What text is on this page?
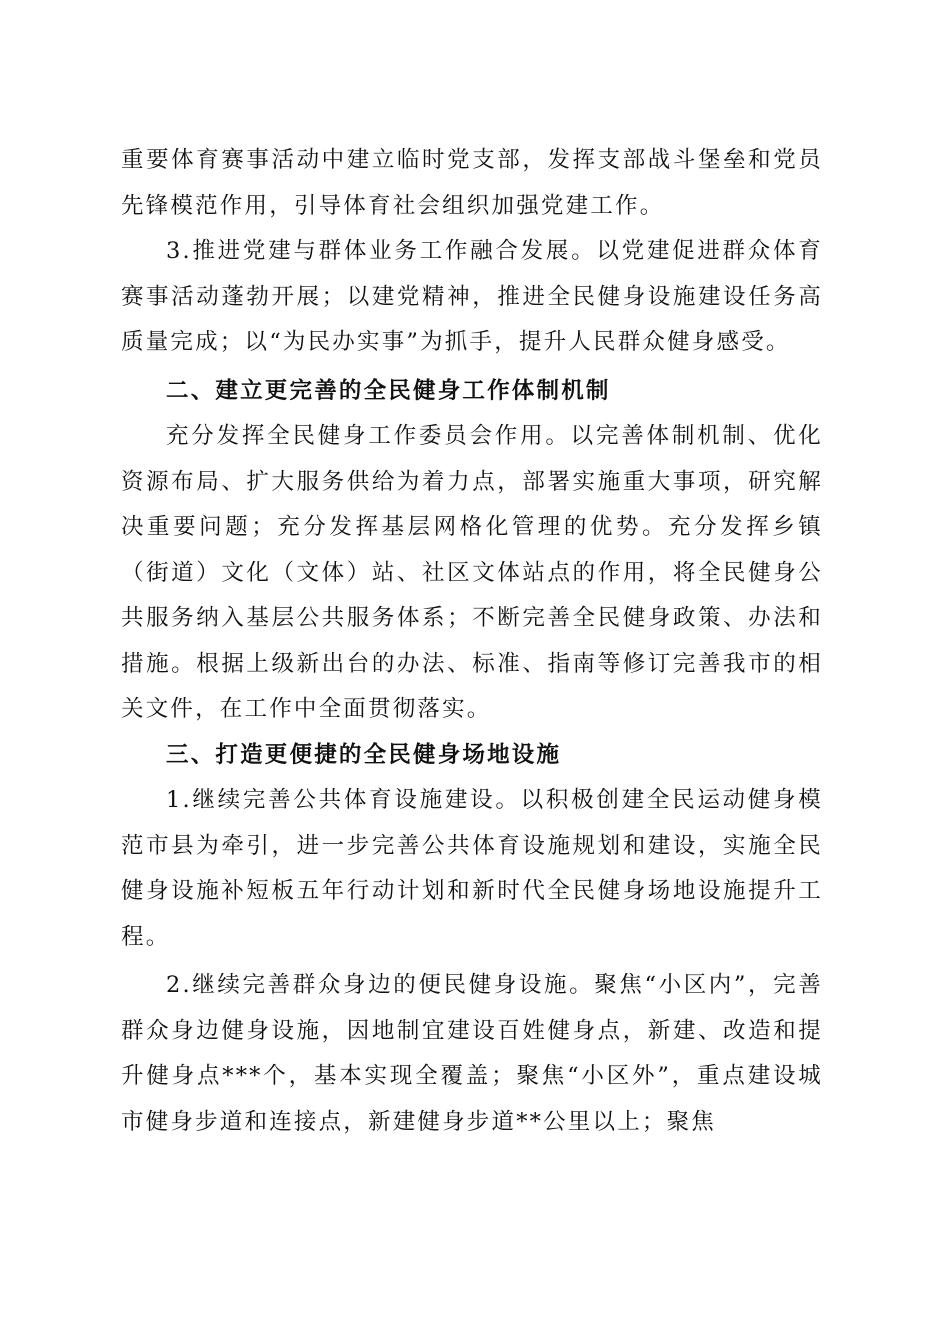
重要体育赛事活动中建立临时党支部，发挥支部战斗堡垒和党员先锋模范作用，引导体育社会组织加强党建工作。

3.推进党建与群体业务工作融合发展。以党建促进群众体育赛事活动蓬勃开展；以建党精神，推进全民健身设施建设任务高质量完成；以“为民办实事”为抓手，提升人民群众健身感受。

二、建立更完善的全民健身工作体制机制

充分发挥全民健身工作委员会作用。以完善体制机制、优化资源布局、扩大服务供给为着力点，部署实施重大事项，研究解决重要问题；充分发挥基层网格化管理的优势。充分发挥乡镇（街道）文化（文体）站、社区文体站点的作用，将全民健身公共服务纳入基层公共服务体系；不断完善全民健身政策、办法和措施。根据上级新出台的办法、标准、指南等修订完善我市的相关文件，在工作中全面贯彻落实。

三、打造更便捷的全民健身场地设施

1.继续完善公共体育设施建设。以积极创建全民运动健身模范市县为牵引，进一步完善公共体育设施规划和建设，实施全民健身设施补短板五年行动计划和新时代全民健身场地设施提升工程。

2.继续完善群众身边的便民健身设施。聚焦“小区内”，完善群众身边健身设施，因地制宜建设百姓健身点，新建、改造和提升健身点***个，基本实现全覆盖；聚焦“小区外”，重点建设城市健身步道和连接点，新建健身步道**公里以上；聚焦
